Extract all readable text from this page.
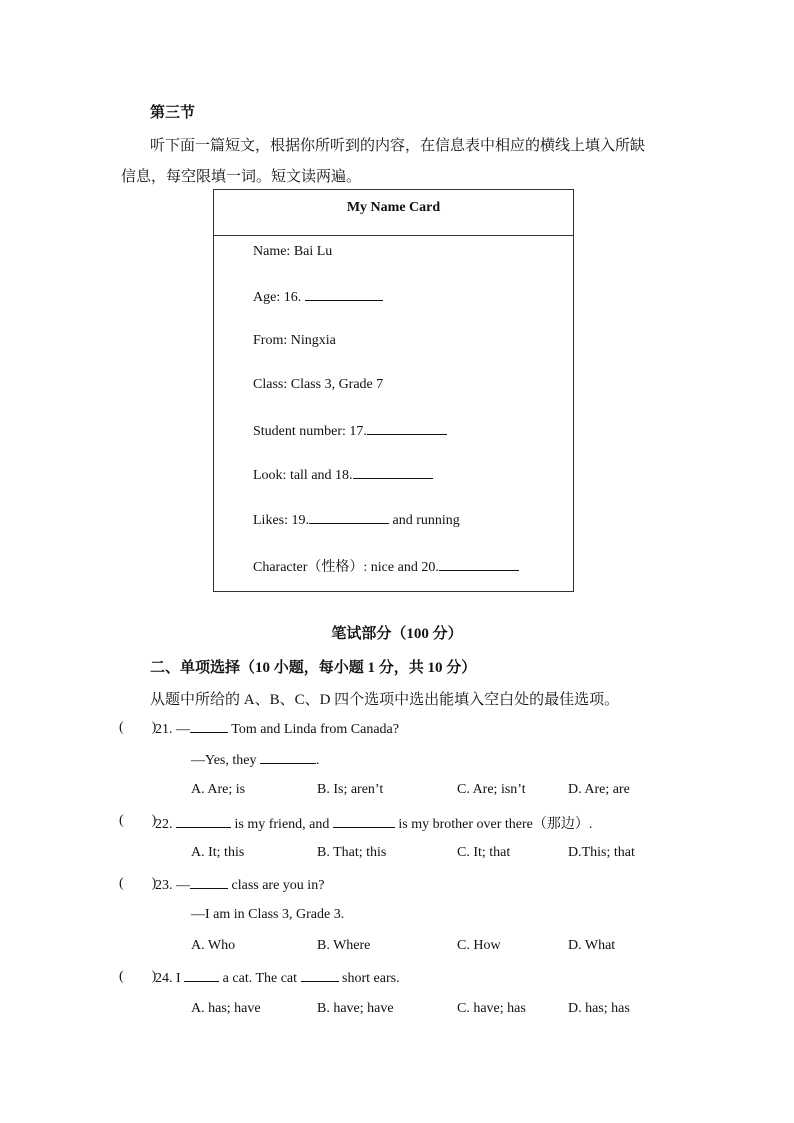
第三节
听下面一篇短文，根据你所听到的内容，在信息表中相应的横线上填入所缺
信息，每空限填一词。短文读两遍。
My Name Card
Name: Bai Lu
Age: 16.
From: Ningxia
Class: Class 3, Grade 7
Student number: 17.
Look: tall and 18.
Likes: 19.	and running
Character（性格）: nice and 20.
笔试部分（100 分）
二、单项选择（10 小题，每小题 1 分，共 10 分）
从题中所给的 A、B、C、D 四个选项中选出能填入空白处的最佳选项。
(        )
21. —	Tom and Linda from Canada?
—Yes, they	.
A. Are; is	B. Is; aren’t	C. Are; isn’t	D. Are; are
(        )
22.	is my friend, and	is my brother over there（那边）.
A. It; this	B. That; this	C. It; that	D.This; that
(        )
23. —	class are you in?
—I am in Class 3, Grade 3.
A. Who	B. Where	C. How	D. What
(        )
24. I	a cat. The cat	short ears.
A. has; have	B. have; have	C. have; has	D. has; has
